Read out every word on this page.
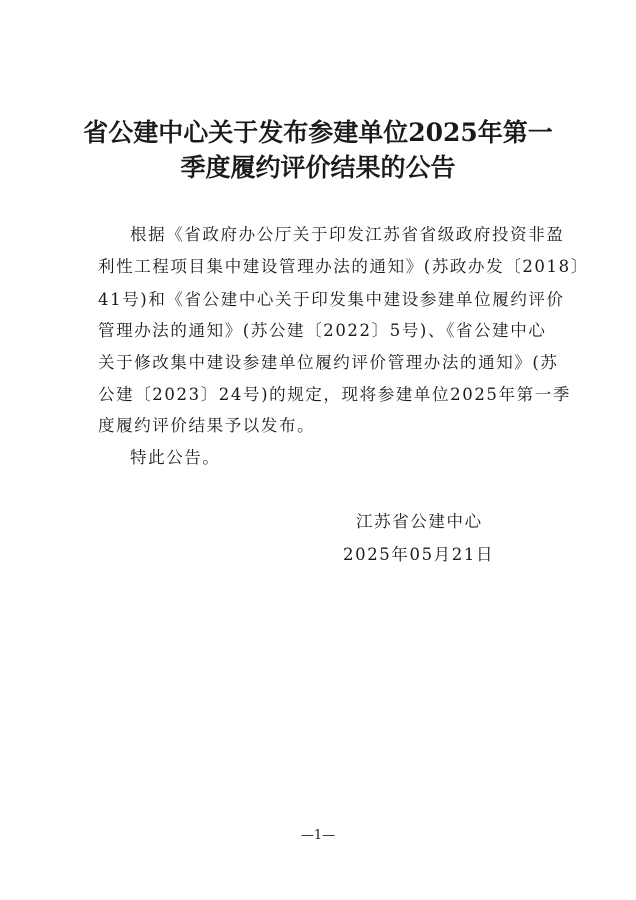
省公建中心关于发布参建单位2025年第一
季度履约评价结果的公告
根据《省政府办公厅关于印发江苏省省级政府投资非盈
利性工程项目集中建设管理办法的通知》(苏政办发〔2018〕
41号)和《省公建中心关于印发集中建设参建单位履约评价
管理办法的通知》(苏公建〔2022〕5号)、《省公建中心
关于修改集中建设参建单位履约评价管理办法的通知》(苏
公建〔2023〕24号)的规定，现将参建单位2025年第一季
度履约评价结果予以发布。
特此公告。
江苏省公建中心
2025年05月21日
—1—
